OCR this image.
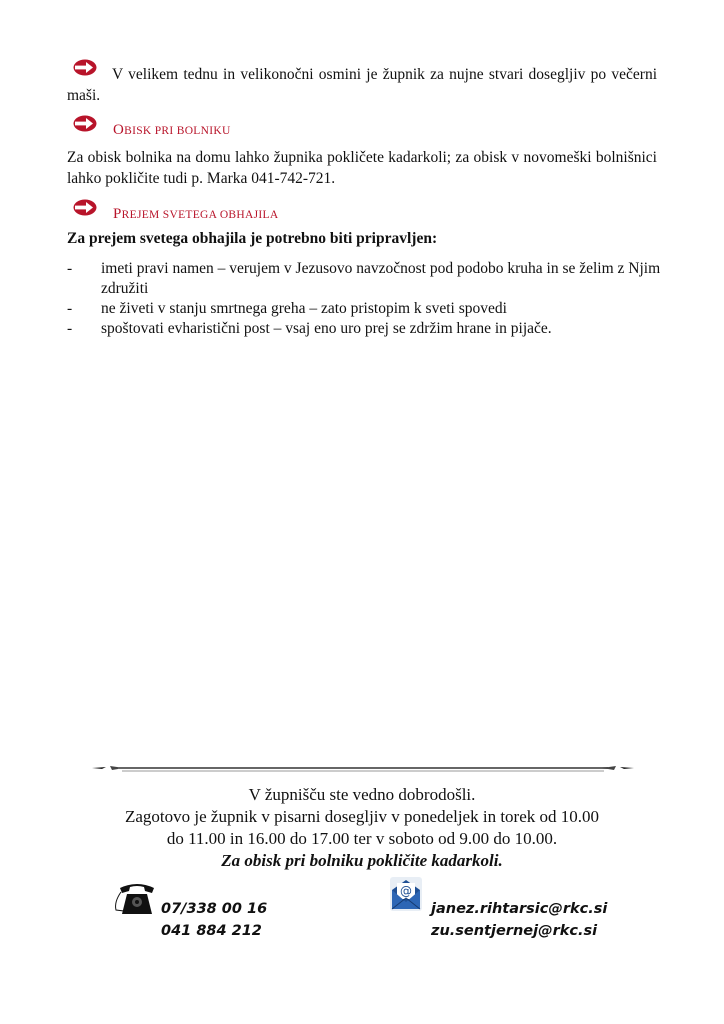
V velikem tednu in velikonočni osmini je župnik za nujne stvari dosegljiv po večerni maši.
OBISK PRI BOLNIKU
Za obisk bolnika na domu lahko župnika pokličete kadarkoli; za obisk v novomeški bolnišnici lahko pokličite tudi p. Marka 041-742-721.
PREJEM SVETEGA OBHAJILA
Za prejem svetega obhajila je potrebno biti pripravljen:
- imeti pravi namen – verujem v Jezusovo navzočnost pod podobo kruha in se želim z Njim združiti
- ne živeti v stanju smrtnega greha – zato pristopim k sveti spovedi
- spoštovati evharistični post – vsaj eno uro prej se zdržim hrane in pijače.
V župnišču ste vedno dobrodošli.
Zagotovo je župnik v pisarni dosegljiv v ponedeljek in torek od 10.00
do 11.00 in 16.00 do 17.00 ter v soboto od 9.00 do 10.00.
Za obisk pri bolniku pokličite kadarkoli.
07/338 00 16
041 884 212
@
janez.rihtarsic@rkc.si
zu.sentjernej@rkc.si
